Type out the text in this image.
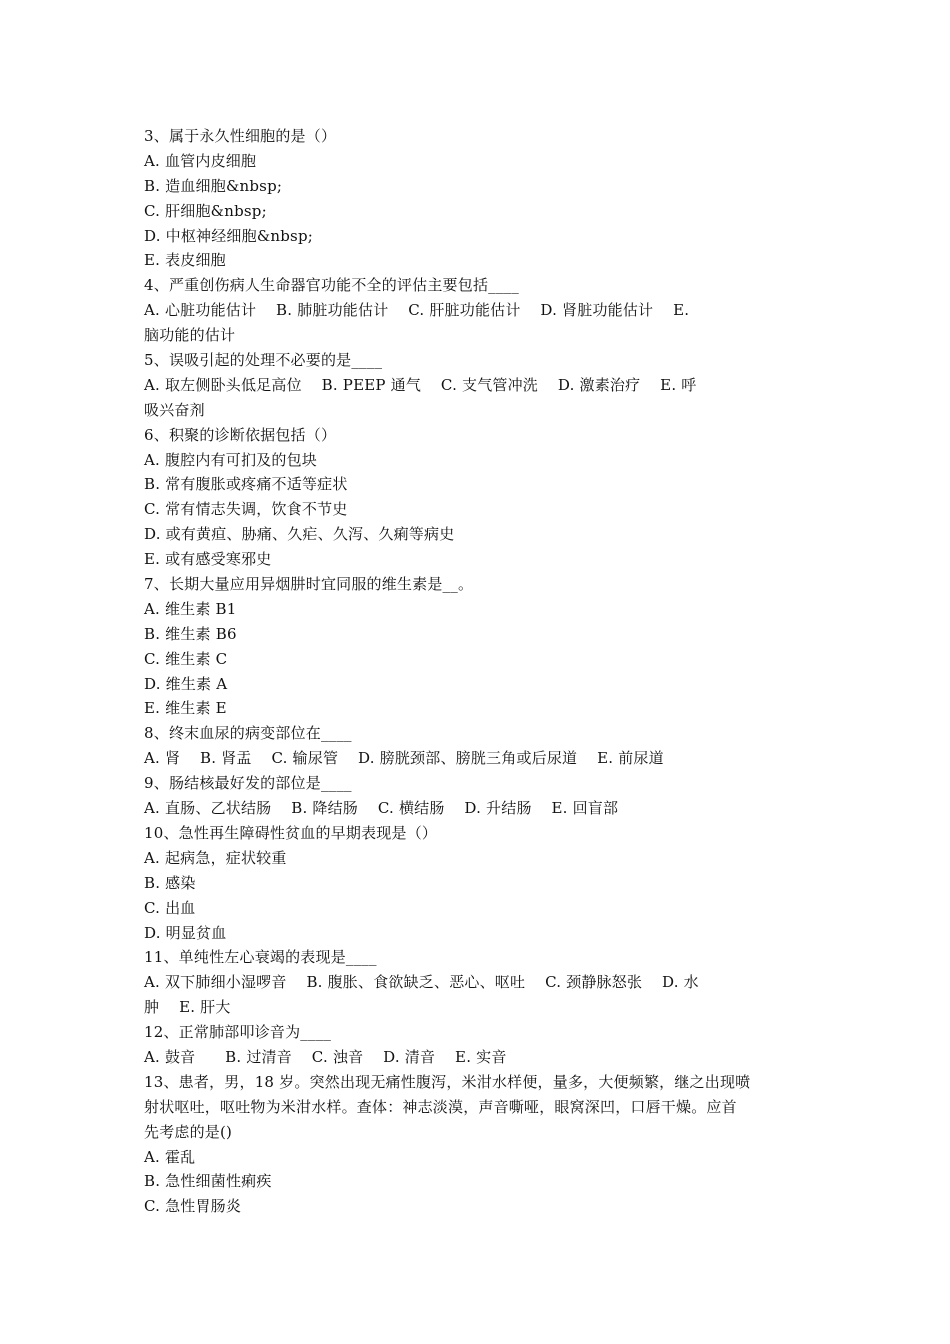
3、属于永久性细胞的是（）
A. 血管内皮细胞
B. 造血细胞&nbsp;
C. 肝细胞&nbsp;
D. 中枢神经细胞&nbsp;
E. 表皮细胞
4、严重创伤病人生命器官功能不全的评估主要包括____
A. 心脏功能估计    B. 肺脏功能估计    C. 肝脏功能估计    D. 肾脏功能估计    E.
脑功能的估计
5、误吸引起的处理不必要的是____
A. 取左侧卧头低足高位    B. PEEP 通气    C. 支气管冲洗    D. 激素治疗    E. 呼
吸兴奋剂
6、积聚的诊断依据包括（）
A. 腹腔内有可扪及的包块
B. 常有腹胀或疼痛不适等症状
C. 常有情志失调，饮食不节史
D. 或有黄疸、胁痛、久疟、久泻、久痢等病史
E. 或有感受寒邪史
7、长期大量应用异烟肼时宜同服的维生素是__。
A. 维生素 B1
B. 维生素 B6
C. 维生素 C
D. 维生素 A
E. 维生素 E
8、终末血尿的病变部位在____
A. 肾    B. 肾盂    C. 输尿管    D. 膀胱颈部、膀胱三角或后尿道    E. 前尿道
9、肠结核最好发的部位是____
A. 直肠、乙状结肠    B. 降结肠    C. 横结肠    D. 升结肠    E. 回盲部
10、急性再生障碍性贫血的早期表现是（）
A. 起病急，症状较重
B. 感染
C. 出血
D. 明显贫血
11、单纯性左心衰竭的表现是____
A. 双下肺细小湿啰音    B. 腹胀、食欲缺乏、恶心、呕吐    C. 颈静脉怒张    D. 水
肿    E. 肝大
12、正常肺部叩诊音为____
A. 鼓音      B. 过清音    C. 浊音    D. 清音    E. 实音
13、患者，男，18 岁。突然出现无痛性腹泻，米泔水样便，量多，大便频繁，继之出现喷
射状呕吐，呕吐物为米泔水样。查体：神志淡漠，声音嘶哑，眼窝深凹，口唇干燥。应首
先考虑的是()
A. 霍乱
B. 急性细菌性痢疾
C. 急性胃肠炎
